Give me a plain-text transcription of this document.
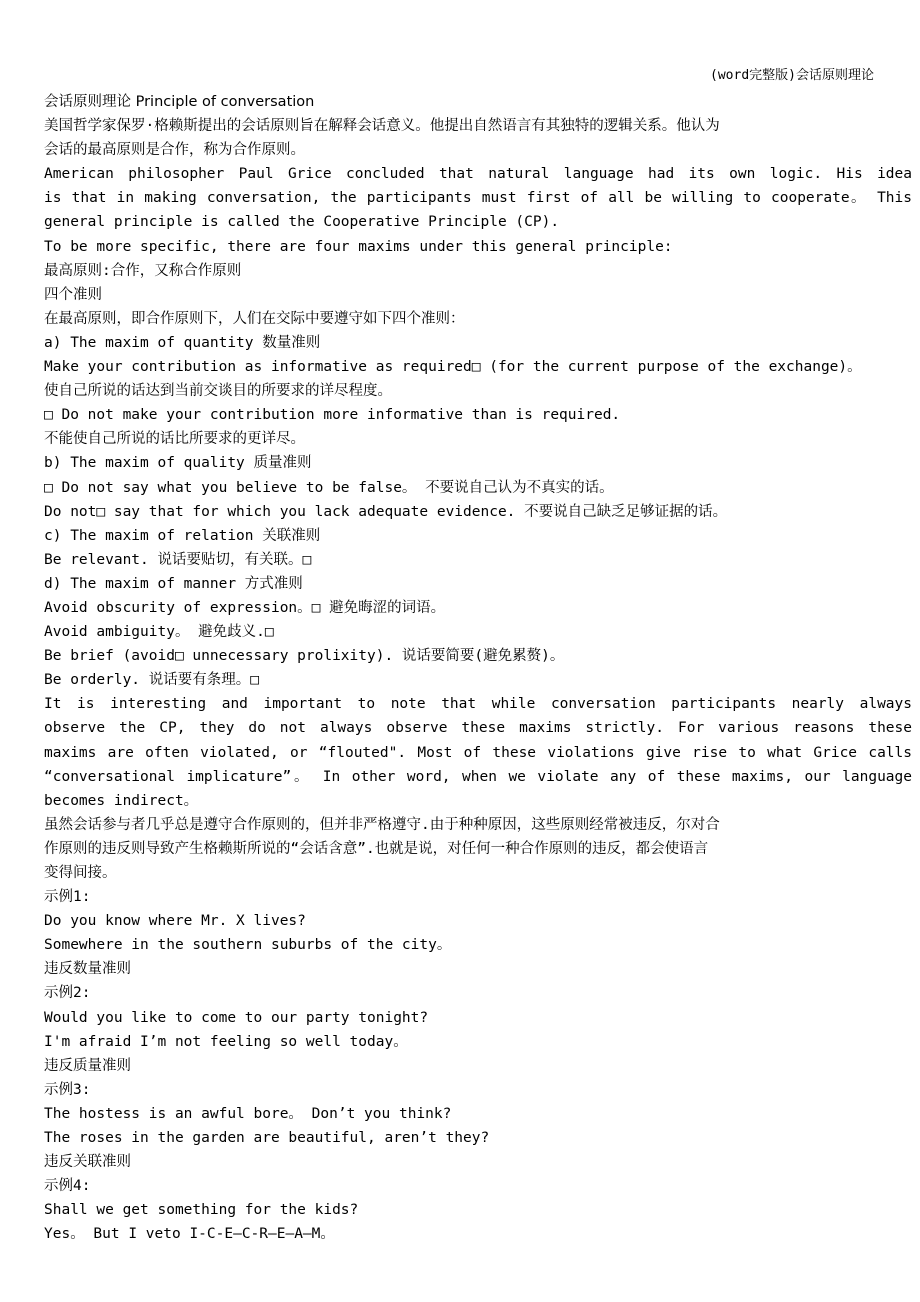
(word完整版)会话原则理论
会话原则理论 Principle of conversation
美国哲学家保罗·格赖斯提出的会话原则旨在解释会话意义。他提出自然语言有其独特的逻辑关系。他认为
会话的最高原则是合作，称为合作原则。
American philosopher Paul Grice concluded that natural language had its own logic. His idea
is that in making conversation, the participants must first of all be willing to cooperate。 This
general principle is called the Cooperative Principle (CP).
To be more specific, there are four maxims under this general principle:
最高原则:合作，又称合作原则
四个准则
在最高原则，即合作原则下，人们在交际中要遵守如下四个准则：
a) The maxim of quantity 数量准则
Make your contribution as informative as required□ (for the current purpose of the exchange)。
使自己所说的话达到当前交谈目的所要求的详尽程度。
□ Do not make your contribution more informative than is required.
不能使自己所说的话比所要求的更详尽。
b) The maxim of quality 质量准则
□ Do not say what you believe to be false。 不要说自己认为不真实的话。
Do not□ say that for which you lack adequate evidence. 不要说自己缺乏足够证据的话。
c) The maxim of relation 关联准则
Be relevant. 说话要贴切，有关联。□
d) The maxim of manner 方式准则
Avoid obscurity of expression。□ 避免晦涩的词语。
Avoid ambiguity。 避免歧义.□
Be brief (avoid□ unnecessary prolixity). 说话要简要(避免累赘)。
Be orderly. 说话要有条理。□
It is interesting and important to note that while conversation participants nearly always
observe the CP, they do not always observe these maxims strictly. For various reasons these
maxims are often violated, or “flouted". Most of these violations give rise to what Grice calls
“conversational implicature”。 In other word, when we violate any of these maxims, our language
becomes indirect。
虽然会话参与者几乎总是遵守合作原则的，但并非严格遵守.由于种种原因，这些原则经常被违反，尔对合
作原则的违反则导致产生格赖斯所说的“会话含意”.也就是说，对任何一种合作原则的违反，都会使语言
变得间接。
示例1:
Do you know where Mr. X lives?
Somewhere in the southern suburbs of the city。
违反数量准则
示例2:
Would you like to come to our party tonight?
I'm afraid I’m not feeling so well today。
违反质量准则
示例3:
The hostess is an awful bore。 Don’t you think?
The roses in the garden are beautiful, aren’t they?
违反关联准则
示例4:
Shall we get something for the kids?
Yes。 But I veto I-C-E—C-R—E—A—M。
